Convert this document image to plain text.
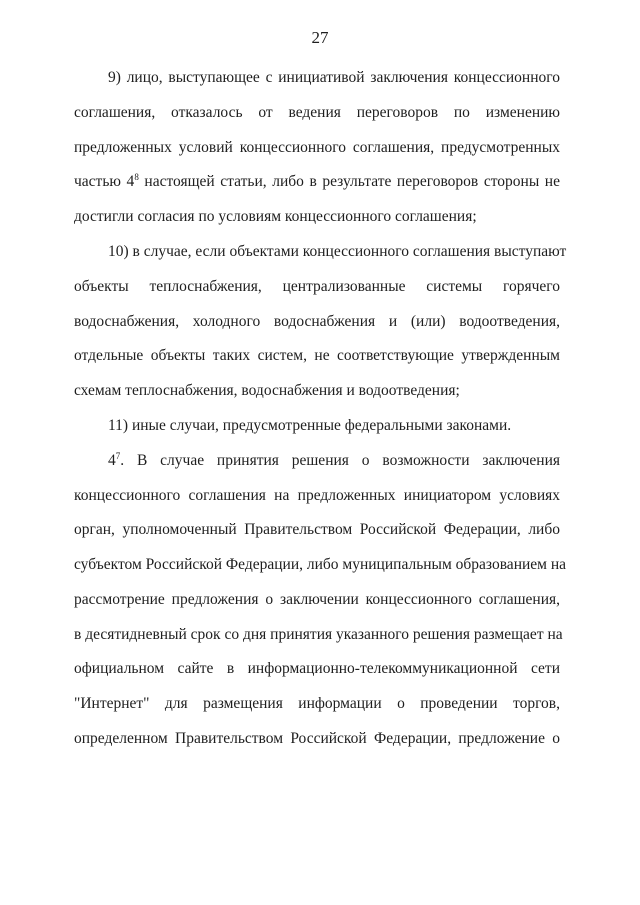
27
9) лицо, выступающее с инициативой заключения концессионного
соглашения, отказалось от ведения переговоров по изменению
предложенных условий концессионного соглашения, предусмотренных
частью $4^8$ настоящей статьи, либо в результате переговоров стороны не
достигли согласия по условиям концессионного соглашения;
10) в случае, если объектами концессионного соглашения выступают
объекты теплоснабжения, централизованные системы горячего
водоснабжения, холодного водоснабжения и (или) водоотведения,
отдельные объекты таких систем, не соответствующие утвержденным
схемам теплоснабжения, водоснабжения и водоотведения;
11) иные случаи, предусмотренные федеральными законами.
$4^7$. В случае принятия решения о возможности заключения
концессионного соглашения на предложенных инициатором условиях
орган, уполномоченный Правительством Российской Федерации, либо
субъектом Российской Федерации, либо муниципальным образованием на
рассмотрение предложения о заключении концессионного соглашения,
в десятидневный срок со дня принятия указанного решения размещает на
официальном сайте в информационно-телекоммуникационной сети
"Интернет" для размещения информации о проведении торгов,
определенном Правительством Российской Федерации, предложение о
